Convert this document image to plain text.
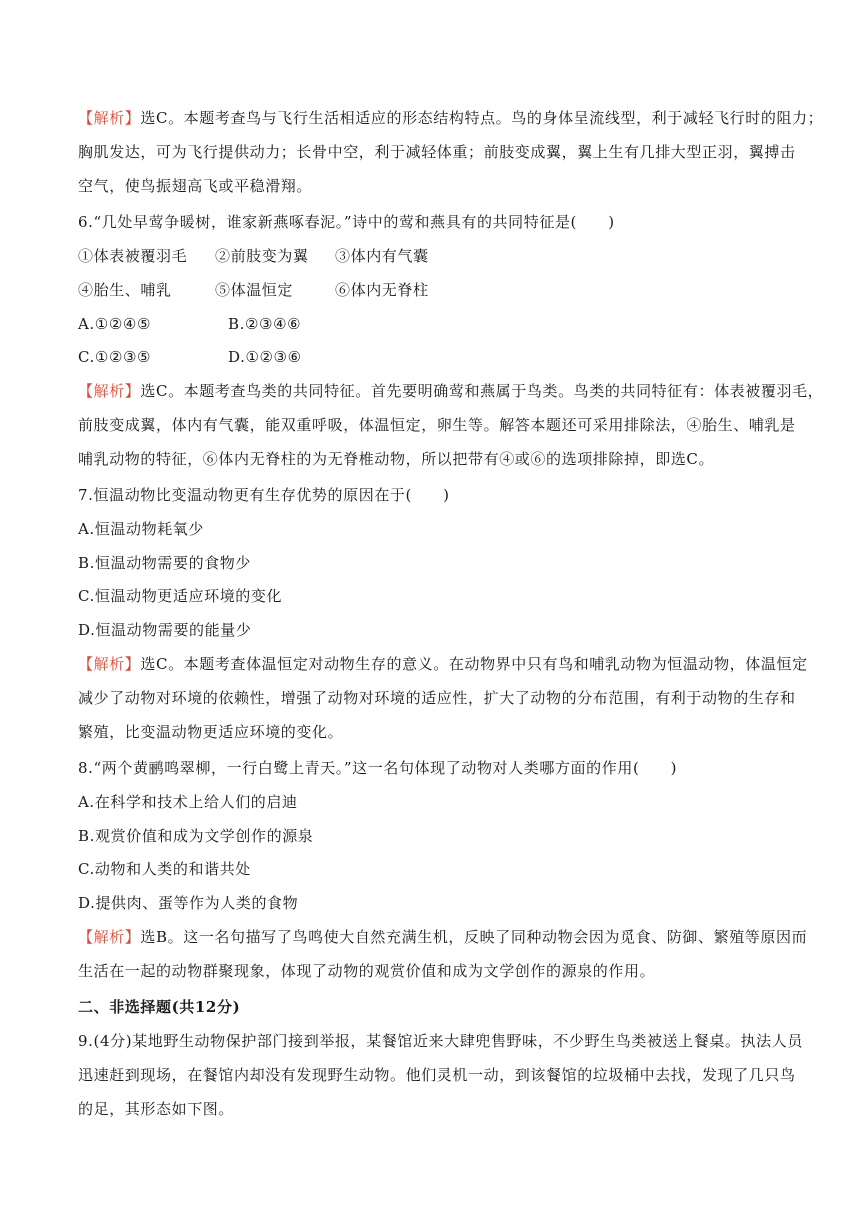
【解析】选C。本题考查鸟与飞行生活相适应的形态结构特点。鸟的身体呈流线型，利于减轻飞行时的阻力；
胸肌发达，可为飞行提供动力；长骨中空，利于减轻体重；前肢变成翼，翼上生有几排大型正羽，翼搏击
空气，使鸟振翅高飞或平稳滑翔。
6.“几处早莺争暖树，谁家新燕啄春泥。”诗中的莺和燕具有的共同特征是(　　)
①体表被覆羽毛 ②前肢变为翼 ③体内有气囊
④胎生、哺乳	⑤体温恒定	⑥体内无脊柱
A.①②④⑤	B.②③④⑥
C.①②③⑤	D.①②③⑥
【解析】选C。本题考查鸟类的共同特征。首先要明确莺和燕属于鸟类。鸟类的共同特征有：体表被覆羽毛，
前肢变成翼，体内有气囊，能双重呼吸，体温恒定，卵生等。解答本题还可采用排除法，④胎生、哺乳是
哺乳动物的特征，⑥体内无脊柱的为无脊椎动物，所以把带有④或⑥的选项排除掉，即选C。
7.恒温动物比变温动物更有生存优势的原因在于(　　)
A.恒温动物耗氧少
B.恒温动物需要的食物少
C.恒温动物更适应环境的变化
D.恒温动物需要的能量少
【解析】选C。本题考查体温恒定对动物生存的意义。在动物界中只有鸟和哺乳动物为恒温动物，体温恒定
减少了动物对环境的依赖性，增强了动物对环境的适应性，扩大了动物的分布范围，有利于动物的生存和
繁殖，比变温动物更适应环境的变化。
8.“两个黄鹂鸣翠柳，一行白鹭上青天。”这一名句体现了动物对人类哪方面的作用(　　)
A.在科学和技术上给人们的启迪
B.观赏价值和成为文学创作的源泉
C.动物和人类的和谐共处
D.提供肉、蛋等作为人类的食物
【解析】选B。这一名句描写了鸟鸣使大自然充满生机，反映了同种动物会因为觅食、防御、繁殖等原因而
生活在一起的动物群聚现象，体现了动物的观赏价值和成为文学创作的源泉的作用。
二、非选择题(共12分)
9.(4分)某地野生动物保护部门接到举报，某餐馆近来大肆兜售野味，不少野生鸟类被送上餐桌。执法人员
迅速赶到现场，在餐馆内却没有发现野生动物。他们灵机一动，到该餐馆的垃圾桶中去找，发现了几只鸟
的足，其形态如下图。
